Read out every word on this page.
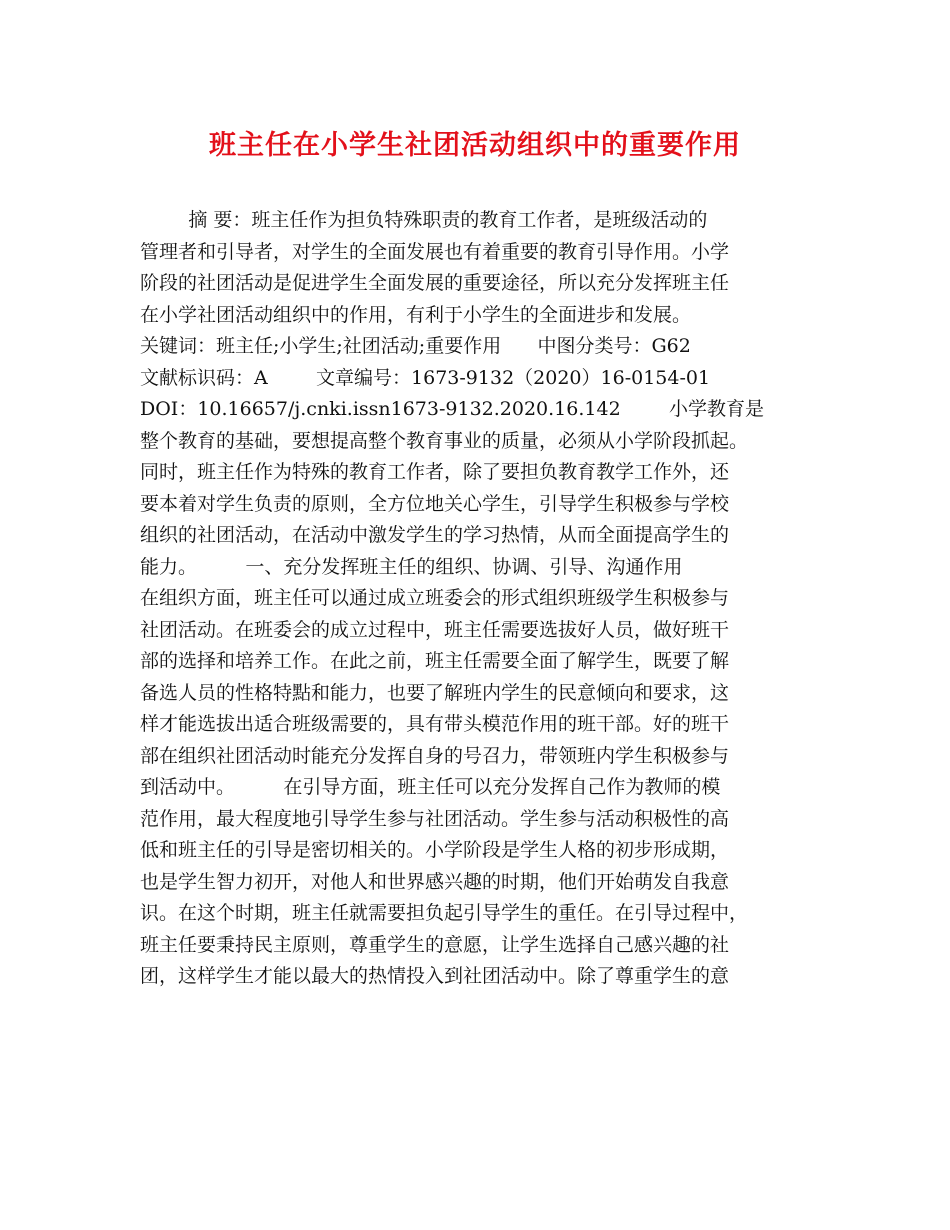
班主任在小学生社团活动组织中的重要作用
摘 要：班主任作为担负特殊职责的教育工作者，是班级活动的
管理者和引导者，对学生的全面发展也有着重要的教育引导作用。小学
阶段的社团活动是促进学生全面发展的重要途径，所以充分发挥班主任
在小学社团活动组织中的作用，有利于小学生的全面进步和发展。
关键词：班主任;小学生;社团活动;重要作用      中图分类号：G62
文献标识码：A        文章编号：1673-9132（2020）16-0154-01
DOI：10.16657/j.cnki.issn1673-9132.2020.16.142        小学教育是
整个教育的基础，要想提高整个教育事业的质量，必须从小学阶段抓起。
同时，班主任作为特殊的教育工作者，除了要担负教育教学工作外，还
要本着对学生负责的原则，全方位地关心学生，引导学生积极参与学校
组织的社团活动，在活动中激发学生的学习热情，从而全面提高学生的
能力。        一、充分发挥班主任的组织、协调、引导、沟通作用
在组织方面，班主任可以通过成立班委会的形式组织班级学生积极参与
社团活动。在班委会的成立过程中，班主任需要选拔好人员，做好班干
部的选择和培养工作。在此之前，班主任需要全面了解学生，既要了解
备选人员的性格特點和能力，也要了解班内学生的民意倾向和要求，这
样才能选拔出适合班级需要的，具有带头模范作用的班干部。好的班干
部在组织社团活动时能充分发挥自身的号召力，带领班内学生积极参与
到活动中。        在引导方面，班主任可以充分发挥自己作为教师的模
范作用，最大程度地引导学生参与社团活动。学生参与活动积极性的高
低和班主任的引导是密切相关的。小学阶段是学生人格的初步形成期，
也是学生智力初开，对他人和世界感兴趣的时期，他们开始萌发自我意
识。在这个时期，班主任就需要担负起引导学生的重任。在引导过程中，
班主任要秉持民主原则，尊重学生的意愿，让学生选择自己感兴趣的社
团，这样学生才能以最大的热情投入到社团活动中。除了尊重学生的意
